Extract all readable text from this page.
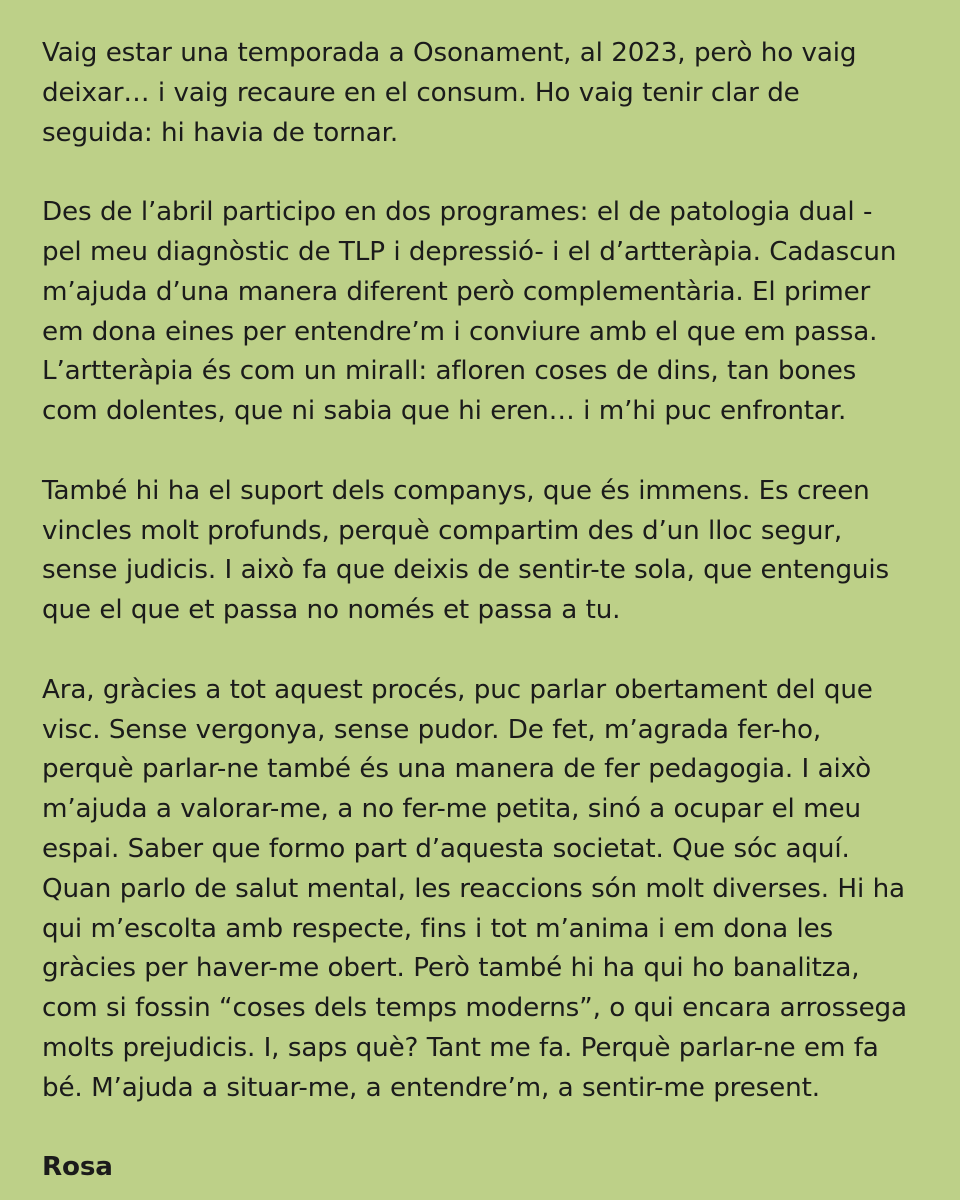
Vaig estar una temporada a Osonament, al 2023, però ho vaig
deixar… i vaig recaure en el consum. Ho vaig tenir clar de
seguida: hi havia de tornar.

Des de l’abril participo en dos programes: el de patologia dual -
pel meu diagnòstic de TLP i depressió- i el d’artteràpia. Cadascun
m’ajuda d’una manera diferent però complementària. El primer
em dona eines per entendre’m i conviure amb el que em passa.
L’artteràpia és com un mirall: afloren coses de dins, tan bones
com dolentes, que ni sabia que hi eren… i m’hi puc enfrontar.

També hi ha el suport dels companys, que és immens. Es creen
vincles molt profunds, perquè compartim des d’un lloc segur,
sense judicis. I això fa que deixis de sentir-te sola, que entenguis
que el que et passa no només et passa a tu.

Ara, gràcies a tot aquest procés, puc parlar obertament del que
visc. Sense vergonya, sense pudor. De fet, m’agrada fer-ho,
perquè parlar-ne també és una manera de fer pedagogia. I això
m’ajuda a valorar-me, a no fer-me petita, sinó a ocupar el meu
espai. Saber que formo part d’aquesta societat. Que sóc aquí.
Quan parlo de salut mental, les reaccions són molt diverses. Hi ha
qui m’escolta amb respecte, fins i tot m’anima i em dona les
gràcies per haver-me obert. Però també hi ha qui ho banalitza,
com si fossin “coses dels temps moderns”, o qui encara arrossega
molts prejudicis. I, saps què? Tant me fa. Perquè parlar-ne em fa
bé. M’ajuda a situar-me, a entendre’m, a sentir-me present.

Rosa
